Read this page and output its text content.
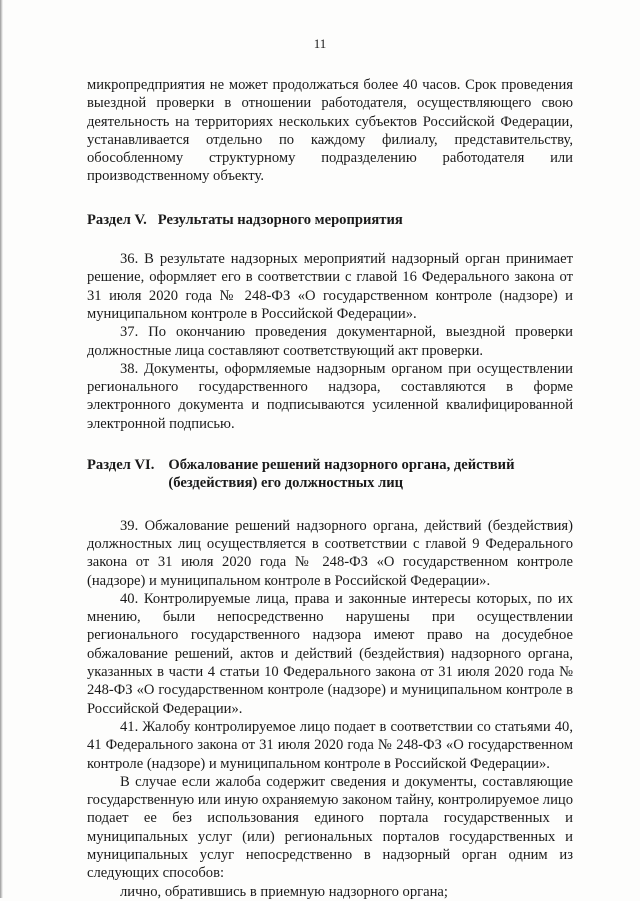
11

микропредприятия не может продолжаться более 40 часов. Срок проведения выездной проверки в отношении работодателя, осуществляющего свою деятельность на территориях нескольких субъектов Российской Федерации, устанавливается отдельно по каждому филиалу, представительству, обособленному структурному подразделению работодателя или производственному объекту.

Раздел V.   Результаты надзорного мероприятия

36. В результате надзорных мероприятий надзорный орган принимает решение, оформляет его в соответствии с главой 16 Федерального закона от 31 июля 2020 года № 248-ФЗ «О государственном контроле (надзоре) и муниципальном контроле в Российской Федерации».

37. По окончанию проведения документарной, выездной проверки должностные лица составляют соответствующий акт проверки.

38. Документы, оформляемые надзорным органом при осуществлении регионального государственного надзора, составляются в форме электронного документа и подписываются усиленной квалифицированной электронной подписью.

Раздел VI. Обжалование решений надзорного органа, действий (бездействия) его должностных лиц

39. Обжалование решений надзорного органа, действий (бездействия) должностных лиц осуществляется в соответствии с главой 9 Федерального закона от 31 июля 2020 года № 248-ФЗ «О государственном контроле (надзоре) и муниципальном контроле в Российской Федерации».

40. Контролируемые лица, права и законные интересы которых, по их мнению, были непосредственно нарушены при осуществлении регионального государственного надзора имеют право на досудебное обжалование решений, актов и действий (бездействия) надзорного органа, указанных в части 4 статьи 10 Федерального закона от 31 июля 2020 года № 248-ФЗ «О государственном контроле (надзоре) и муниципальном контроле в Российской Федерации».

41. Жалобу контролируемое лицо подает в соответствии со статьями 40, 41 Федерального закона от 31 июля 2020 года № 248-ФЗ «О государственном контроле (надзоре) и муниципальном контроле в Российской Федерации».

В случае если жалоба содержит сведения и документы, составляющие государственную или иную охраняемую законом тайну, контролируемое лицо подает ее без использования единого портала государственных и муниципальных услуг (или) региональных порталов государственных и муниципальных услуг непосредственно в надзорный орган одним из следующих способов:

лично, обратившись в приемную надзорного органа;
